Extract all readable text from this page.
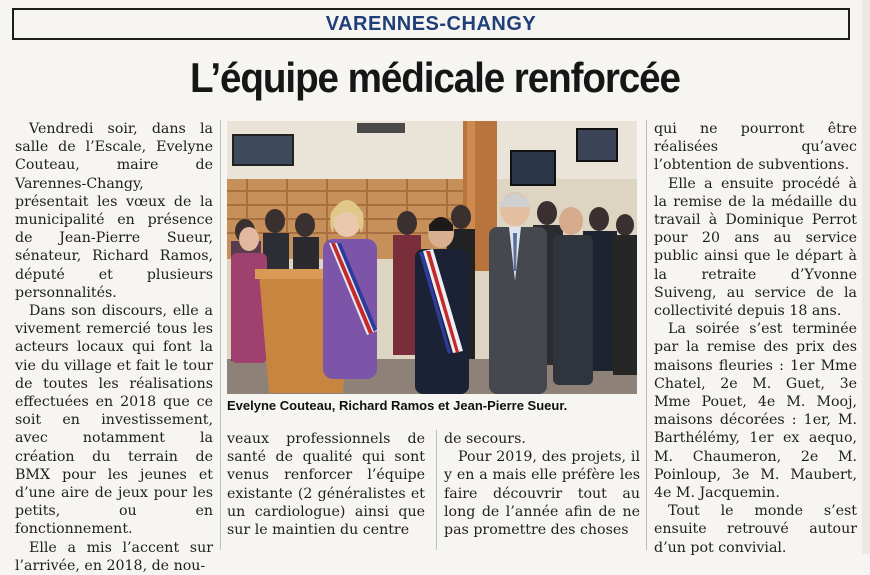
VARENNES-CHANGY
L’équipe médicale renforcée

Vendredi soir, dans la salle de l’Escale, Evelyne Couteau, maire de Varennes-Changy, présentait les vœux de la municipalité en présence de Jean-Pierre Sueur, sénateur, Richard Ramos, député et plusieurs personnalités.

Dans son discours, elle a vivement remercié tous les acteurs locaux qui font la vie du village et fait le tour de toutes les réalisations effectuées en 2018 que ce soit en investissement, avec notamment la création du terrain de BMX pour les jeunes et d’une aire de jeux pour les petits, ou en fonctionnement.

Elle a mis l’accent sur l’arrivée, en 2018, de nou-

Evelyne Couteau, Richard Ramos et Jean-Pierre Sueur.

veaux professionnels de santé de qualité qui sont venus renforcer l’équipe existante (2 généralistes et un cardiologue) ainsi que sur le maintien du centre

de secours.

Pour 2019, des projets, il y en a mais elle préfère les faire découvrir tout au long de l’année afin de ne pas promettre des choses

qui ne pourront être réalisées qu’avec l’obtention de subventions.

Elle a ensuite procédé à la remise de la médaille du travail à Dominique Perrot pour 20 ans au service public ainsi que le départ à la retraite d’Yvonne Suiveng, au service de la collectivité depuis 18 ans.

La soirée s’est terminée par la remise des prix des maisons fleuries : 1er Mme Chatel, 2e M. Guet, 3e Mme Pouet, 4e M. Mooj, maisons décorées : 1er, M. Barthélémy, 1er ex aequo, M. Chaumeron, 2e M. Poinloup, 3e M. Maubert, 4e M. Jacquemin.

Tout le monde s’est ensuite retrouvé autour d’un pot convivial.
